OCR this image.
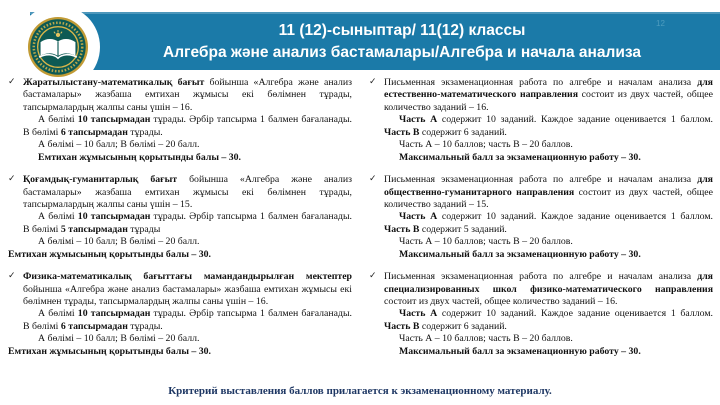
11 (12)-сыныптар/ 11(12) классы
Алгебра және анализ бастамалары/Алгебра и начала анализа
12
✓ Жаратылыстану-математикалық бағыт бойынша «Алгебра және анализ бастамалары» жазбаша емтихан жұмысы екі бөлімнен тұрады, тапсырмалардың жалпы саны үшін – 16.

А бөлімі 10 тапсырмадан тұрады. Әрбір тапсырма 1 балмен бағаланады. В бөлімі 6 тапсырмадан тұрады.

А бөлімі – 10 балл; В бөлімі – 20 балл.

Емтихан жұмысының қорытынды балы – 30.

✓ Қоғамдық-гуманитарлық бағыт бойынша «Алгебра және анализ бастамалары» жазбаша емтихан жұмысы екі бөлімнен тұрады, тапсырмалардың жалпы саны үшін – 15.

А бөлімі 10 тапсырмадан тұрады. Әрбір тапсырма 1 балмен бағаланады. В бөлімі 5 тапсырмадан тұрады

А бөлімі – 10 балл; В бөлімі – 20 балл.

Емтихан жұмысының қорытынды балы – 30.

✓ Физика-математикалық бағыттағы мамандандырылған мектептер бойынша «Алгебра және анализ бастамалары» жазбаша емтихан жұмысы екі бөлімнен тұрады, тапсырмалардың жалпы саны үшін – 16.

А бөлімі 10 тапсырмадан тұрады. Әрбір тапсырма 1 балмен бағаланады. В бөлімі 6 тапсырмадан тұрады.

А бөлімі – 10 балл; В бөлімі – 20 балл.

Емтихан жұмысының қорытынды балы – 30.

✓ Письменная экзаменационная работа по алгебре и началам анализа для естественно-математического направления состоит из двух частей, общее количество заданий – 16.

Часть А содержит 10 заданий. Каждое задание оценивается 1 баллом. Часть В содержит 6 заданий.

Часть А – 10 баллов; часть В – 20 баллов.

Максимальный балл за экзаменационную работу – 30.

✓ Письменная экзаменационная работа по алгебре и началам анализа для общественно-гуманитарного направления состоит из двух частей, общее количество заданий – 15.

Часть А содержит 10 заданий. Каждое задание оценивается 1 баллом. Часть В содержит 5 заданий.

Часть А – 10 баллов; часть В – 20 баллов.

Максимальный балл за экзаменационную работу – 30.

✓ Письменная экзаменационная работа по алгебре и началам анализа для специализированных школ физико-математического направления состоит из двух частей, общее количество заданий – 16.

Часть А содержит 10 заданий. Каждое задание оценивается 1 баллом. Часть В содержит 6 заданий.

Часть А – 10 баллов; часть В – 20 баллов.

Максимальный балл за экзаменационную работу – 30.

Критерий выставления баллов прилагается к экзаменационному материалу.
